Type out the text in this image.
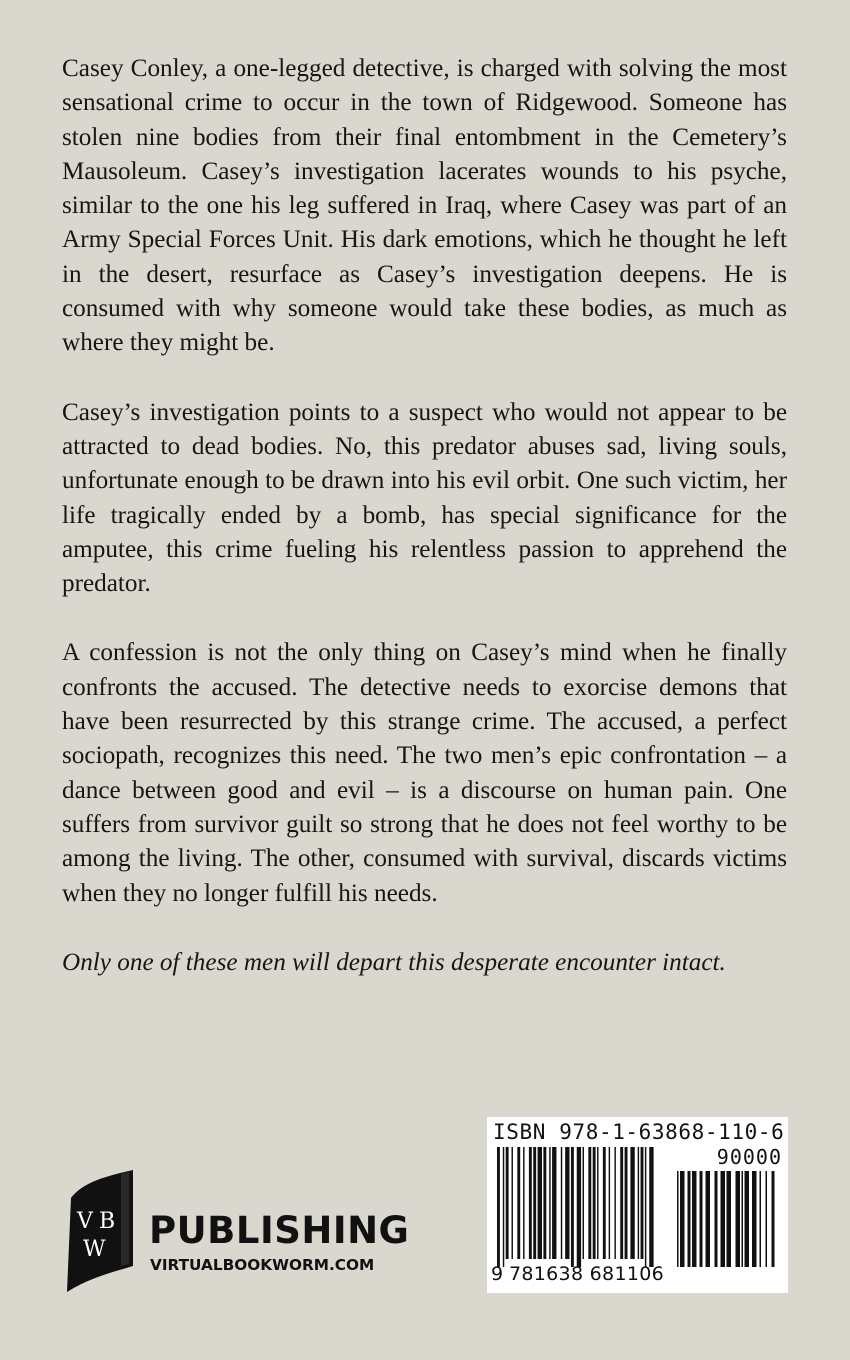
Casey Conley, a one-legged detective, is charged with solving the most sensational crime to occur in the town of Ridgewood. Someone has stolen nine bodies from their final entombment in the Cemetery’s Mausoleum. Casey’s investigation lacerates wounds to his psyche, similar to the one his leg suffered in Iraq, where Casey was part of an Army Special Forces Unit. His dark emotions, which he thought he left in the desert, resurface as Casey’s investigation deepens. He is consumed with why someone would take these bodies, as much as where they might be.

Casey’s investigation points to a suspect who would not appear to be attracted to dead bodies. No, this predator abuses sad, living souls, unfortunate enough to be drawn into his evil orbit. One such victim, her life tragically ended by a bomb, has special significance for the amputee, this crime fueling his relentless passion to apprehend the predator.

A confession is not the only thing on Casey’s mind when he finally confronts the accused. The detective needs to exorcise demons that have been resurrected by this strange crime. The accused, a perfect sociopath, recognizes this need. The two men’s epic confrontation – a dance between good and evil – is a discourse on human pain. One suffers from survivor guilt so strong that he does not feel worthy to be among the living. The other, consumed with survival, discards victims when they no longer fulfill his needs.

Only one of these men will depart this desperate encounter intact.

V B
W PUBLISHING
VIRTUALBOOKWORM.COM
ISBN 978-1-63868-110-6
90000
9 781638 681106
